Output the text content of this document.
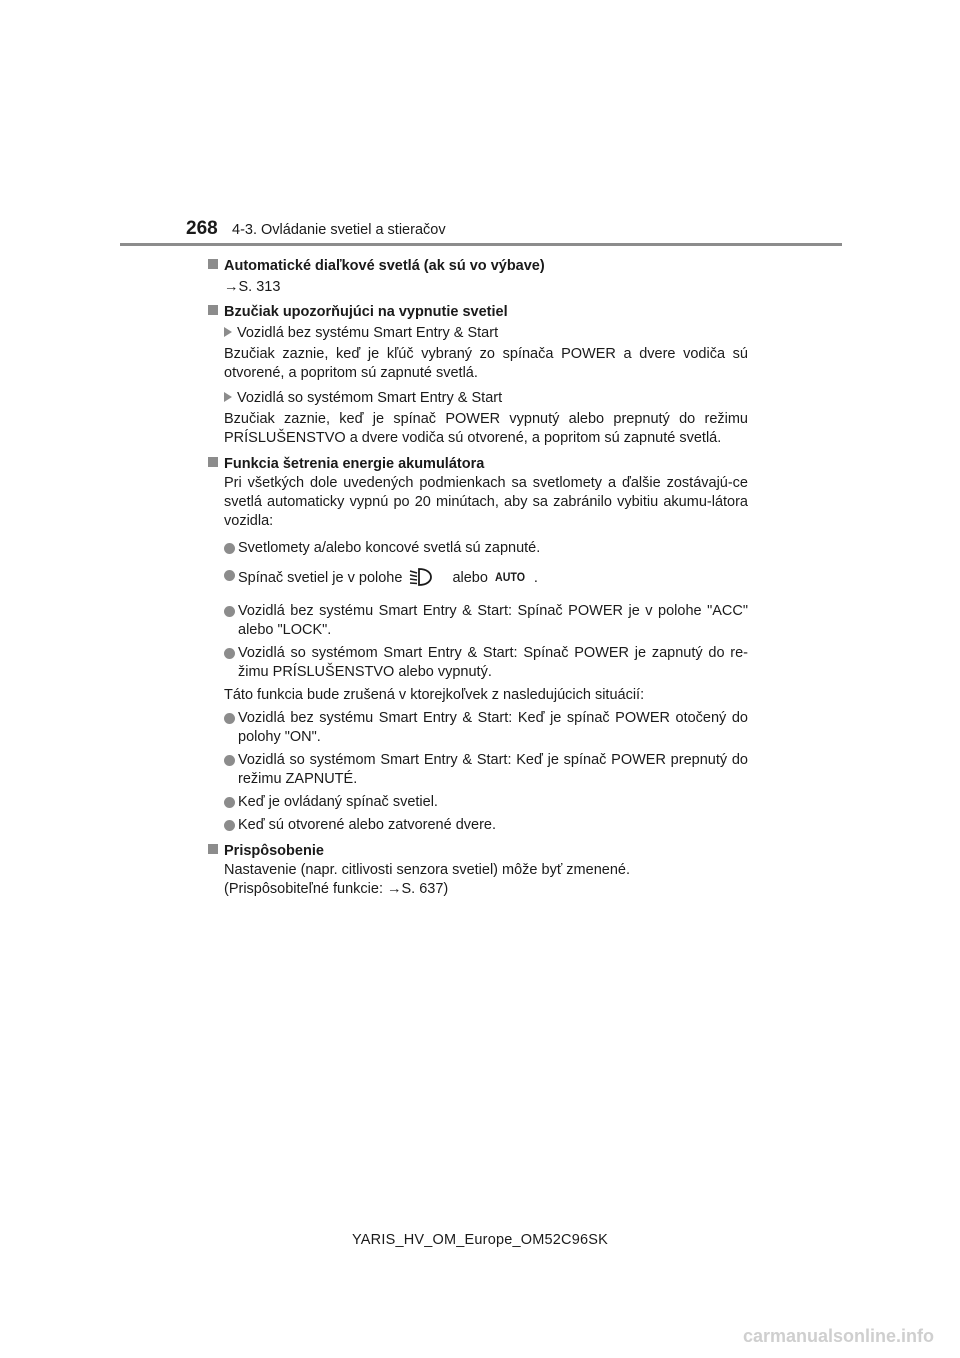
268 4-3. Ovládanie svetiel a stieračov
Automatické diaľkové svetlá (ak sú vo výbave)
→S. 313
Bzučiak upozorňujúci na vypnutie svetiel
Vozidlá bez systému Smart Entry & Start
Bzučiak zaznie, keď je kľúč vybraný zo spínača POWER a dvere vodiča sú otvorené, a popritom sú zapnuté svetlá.
Vozidlá so systémom Smart Entry & Start
Bzučiak zaznie, keď je spínač POWER vypnutý alebo prepnutý do režimu PRÍSLUŠENSTVO a dvere vodiča sú otvorené, a popritom sú zapnuté svetlá.
Funkcia šetrenia energie akumulátora
Pri všetkých dole uvedených podmienkach sa svetlomety a ďalšie zostávajú-ce svetlá automaticky vypnú po 20 minútach, aby sa zabránilo vybitiu akumu-látora vozidla:
Svetlomety a/alebo koncové svetlá sú zapnuté.
Spínač svetiel je v polohe	alebo AUTO .
Vozidlá bez systému Smart Entry & Start: Spínač POWER je v polohe "ACC" alebo "LOCK".
Vozidlá so systémom Smart Entry & Start: Spínač POWER je zapnutý do re-žimu PRÍSLUŠENSTVO alebo vypnutý.
Táto funkcia bude zrušená v ktorejkoľvek z nasledujúcich situácií:
Vozidlá bez systému Smart Entry & Start: Keď je spínač POWER otočený do polohy "ON".
Vozidlá so systémom Smart Entry & Start: Keď je spínač POWER prepnutý do režimu ZAPNUTÉ.
Keď je ovládaný spínač svetiel.
Keď sú otvorené alebo zatvorené dvere.
Prispôsobenie
Nastavenie (napr. citlivosti senzora svetiel) môže byť zmenené.
(Prispôsobiteľné funkcie: →S. 637)
YARIS_HV_OM_Europe_OM52C96SK
carmanualsonline.info
